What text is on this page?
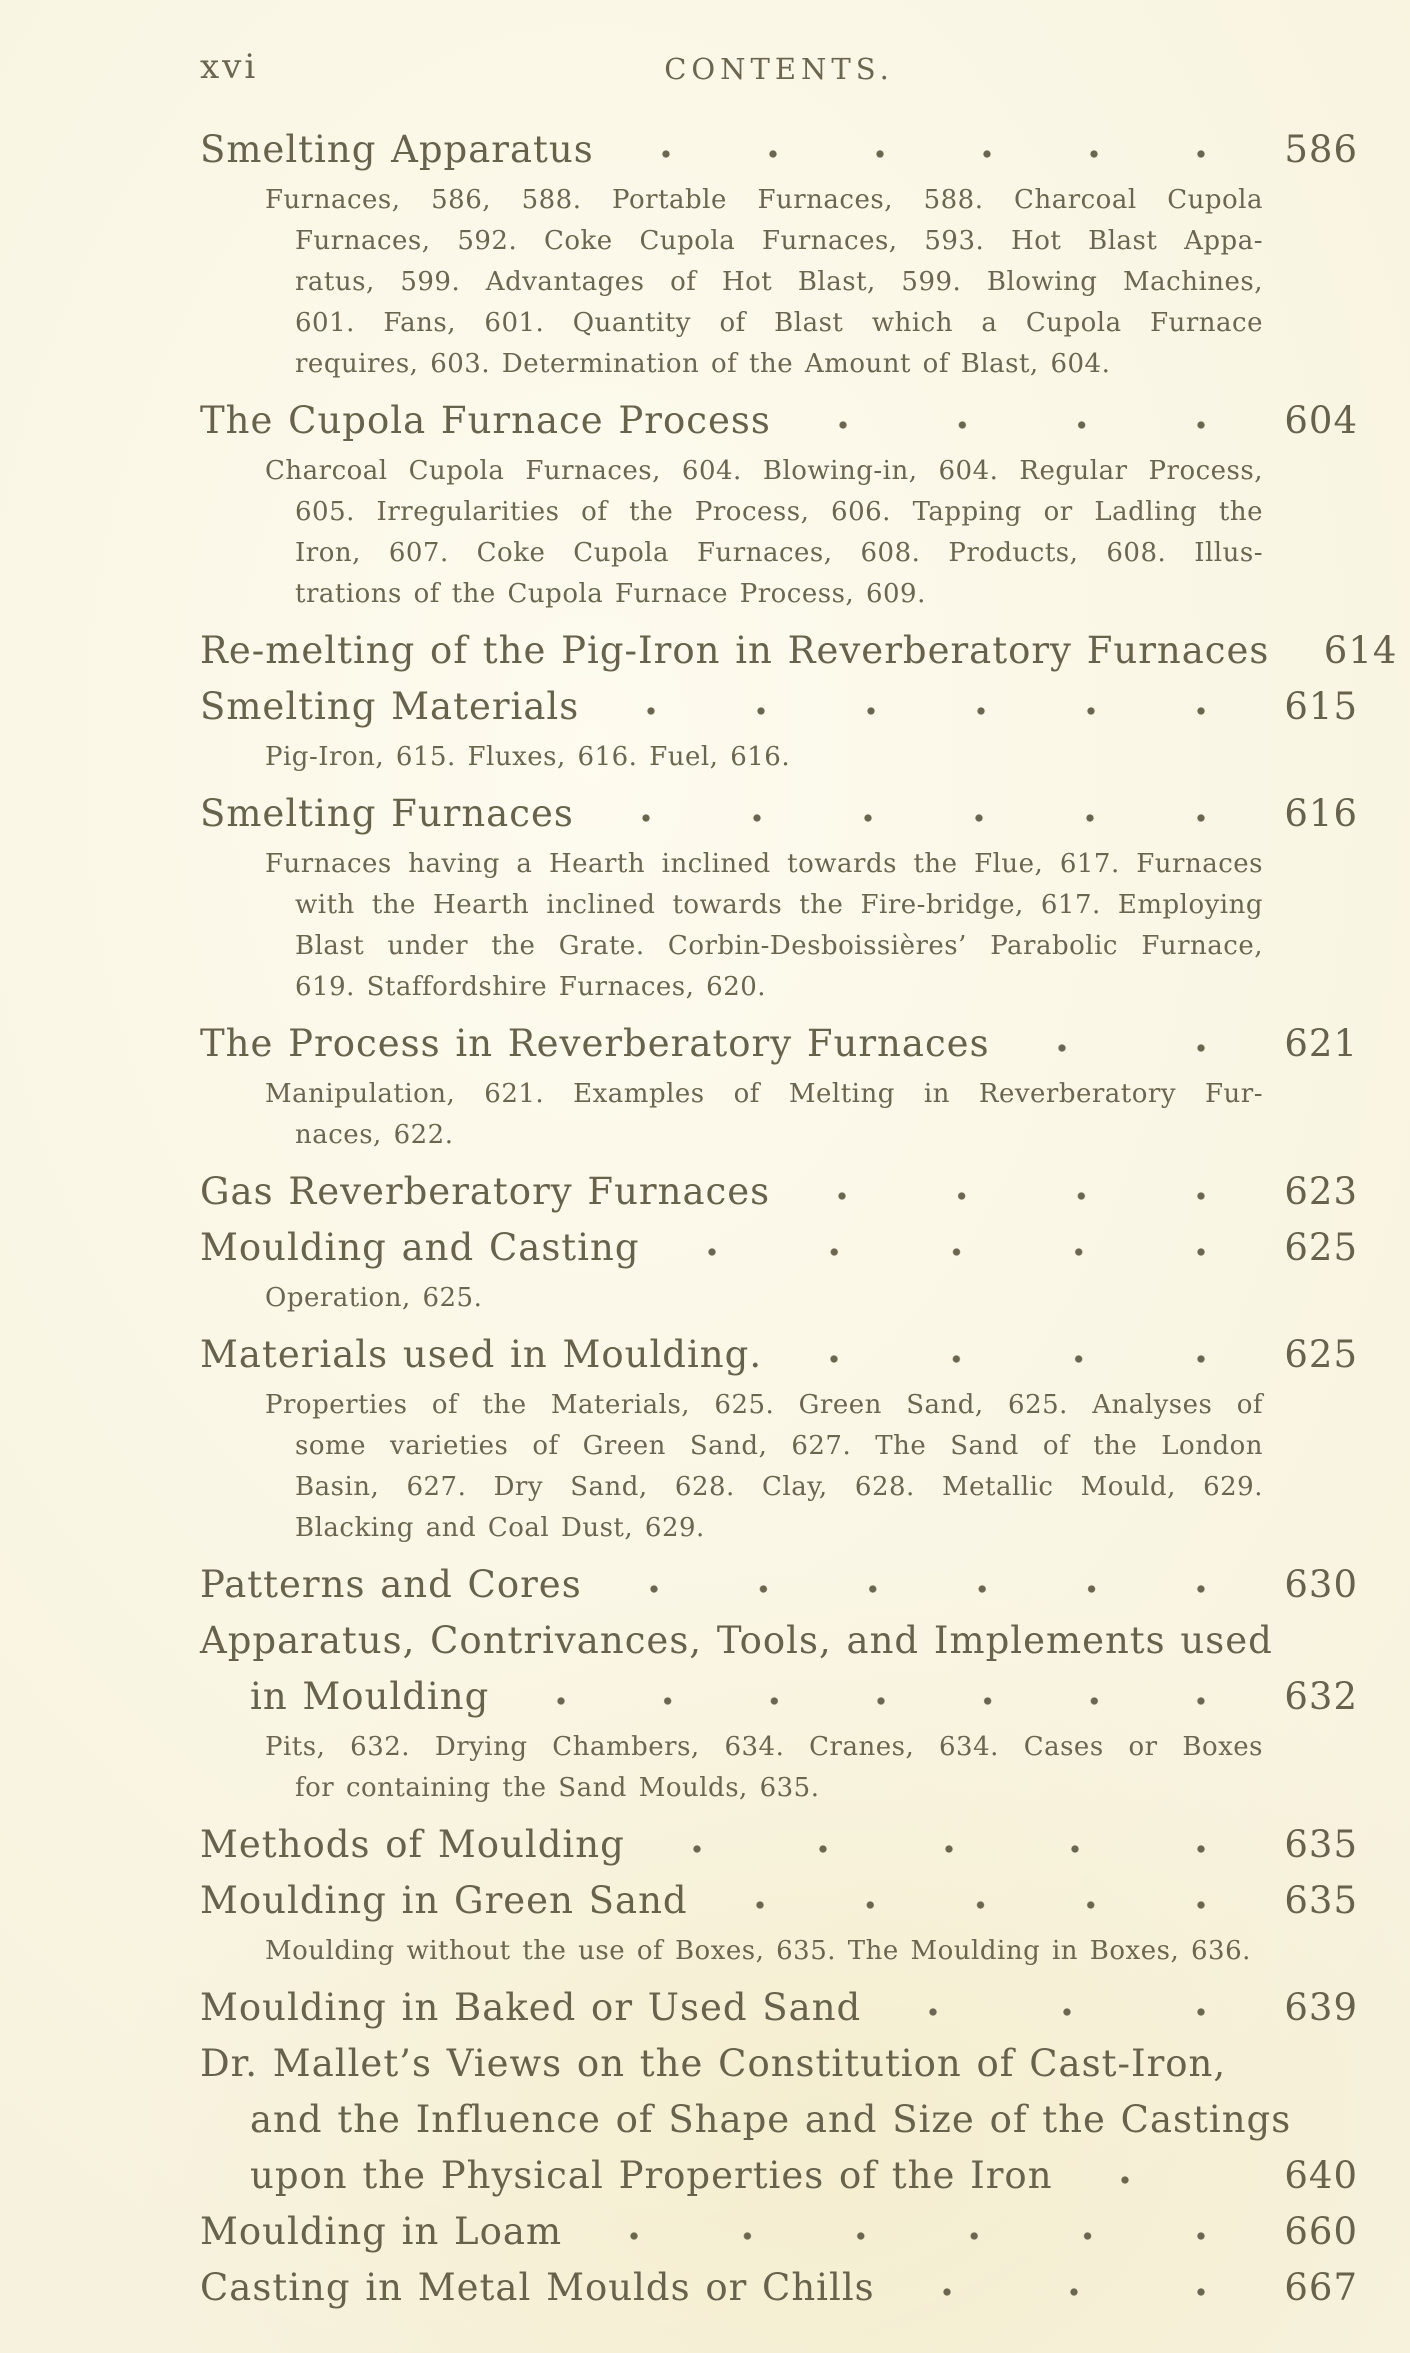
xvi	CONTENTS.
Smelting Apparatus	586
Furnaces, 586, 588. Portable Furnaces, 588. Charcoal Cupola
Furnaces, 592. Coke Cupola Furnaces, 593. Hot Blast Appa-
ratus, 599. Advantages of Hot Blast, 599. Blowing Machines,
601. Fans, 601. Quantity of Blast which a Cupola Furnace
requires, 603. Determination of the Amount of Blast, 604.
The Cupola Furnace Process	604
Charcoal Cupola Furnaces, 604. Blowing-in, 604. Regular Process,
605. Irregularities of the Process, 606. Tapping or Ladling the
Iron, 607. Coke Cupola Furnaces, 608. Products, 608. Illus-
trations of the Cupola Furnace Process, 609.
Re-melting of the Pig-Iron in Reverberatory Furnaces	614
Smelting Materials	615
Pig-Iron, 615. Fluxes, 616. Fuel, 616.
Smelting Furnaces	616
Furnaces having a Hearth inclined towards the Flue, 617. Furnaces
with the Hearth inclined towards the Fire-bridge, 617. Employing
Blast under the Grate. Corbin-Desboissières’ Parabolic Furnace,
619. Staffordshire Furnaces, 620.
The Process in Reverberatory Furnaces	621
Manipulation, 621. Examples of Melting in Reverberatory Fur-
naces, 622.
Gas Reverberatory Furnaces	623
Moulding and Casting	625
Operation, 625.
Materials used in Moulding.	625
Properties of the Materials, 625. Green Sand, 625. Analyses of
some varieties of Green Sand, 627. The Sand of the London
Basin, 627. Dry Sand, 628. Clay, 628. Metallic Mould, 629.
Blacking and Coal Dust, 629.
Patterns and Cores	630
Apparatus, Contrivances, Tools, and Implements used
in Moulding	632
Pits, 632. Drying Chambers, 634. Cranes, 634. Cases or Boxes
for containing the Sand Moulds, 635.
Methods of Moulding	635
Moulding in Green Sand	635
Moulding without the use of Boxes, 635. The Moulding in Boxes, 636.
Moulding in Baked or Used Sand	639
Dr. Mallet’s Views on the Constitution of Cast-Iron,
and the Influence of Shape and Size of the Castings
upon the Physical Properties of the Iron	640
Moulding in Loam	660
Casting in Metal Moulds or Chills	667
